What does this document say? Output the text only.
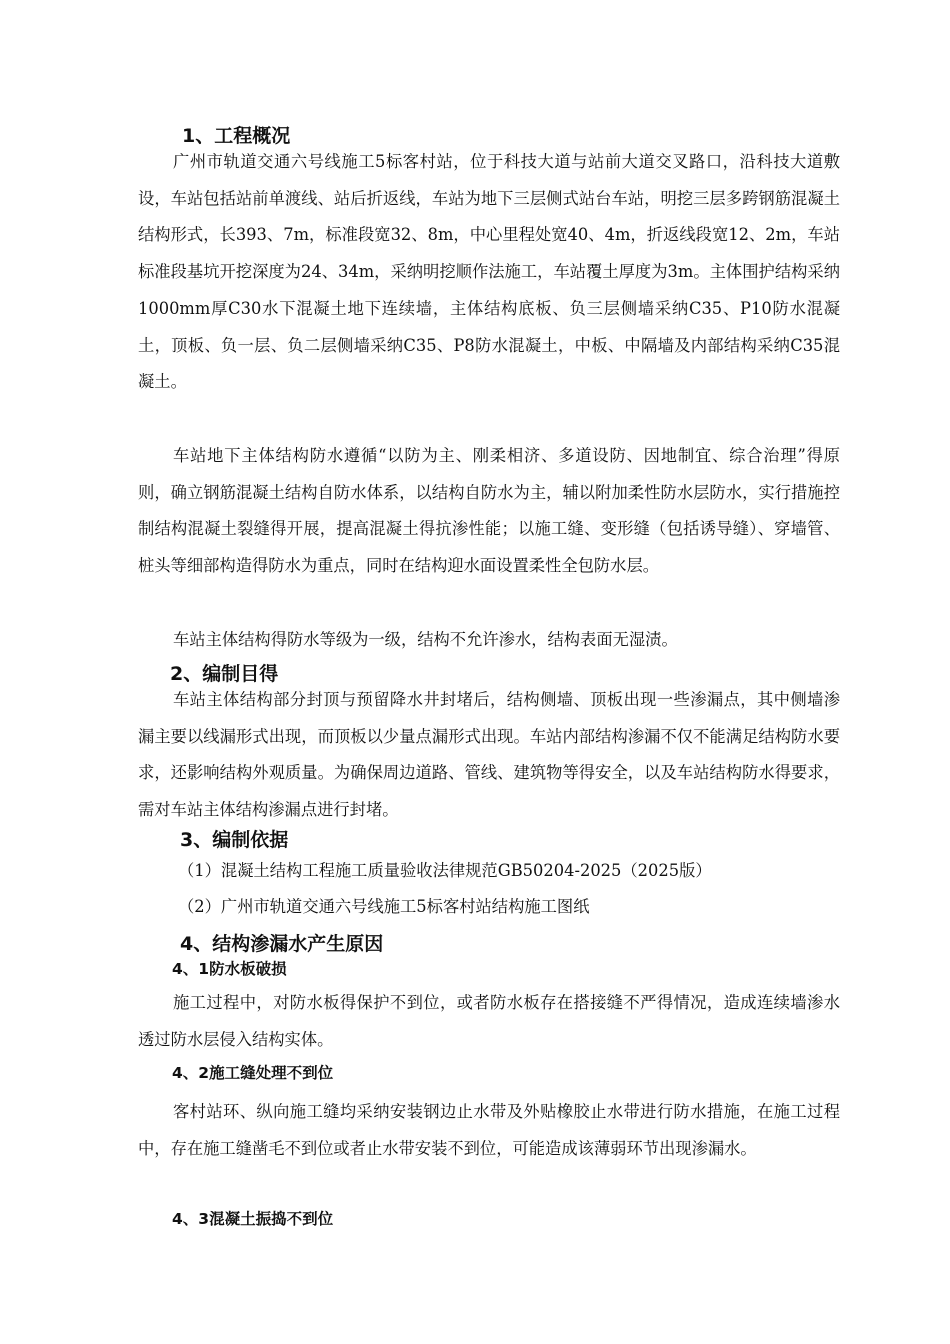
1、工程概况

广州市轨道交通六号线施工5标客村站，位于科技大道与站前大道交叉路口，沿科技大道敷设，车站包括站前单渡线、站后折返线，车站为地下三层侧式站台车站，明挖三层多跨钢筋混凝土结构形式，长393、7m，标准段宽32、8m，中心里程处宽40、4m，折返线段宽12、2m，车站标准段基坑开挖深度为24、34m，采纳明挖顺作法施工，车站覆土厚度为3m。主体围护结构采纳1000mm厚C30水下混凝土地下连续墙，主体结构底板、负三层侧墙采纳C35、P10防水混凝土，顶板、负一层、负二层侧墙采纳C35、P8防水混凝土，中板、中隔墙及内部结构采纳C35混凝土。

车站地下主体结构防水遵循“以防为主、刚柔相济、多道设防、因地制宜、综合治理”得原则，确立钢筋混凝土结构自防水体系，以结构自防水为主，辅以附加柔性防水层防水，实行措施控制结构混凝土裂缝得开展，提高混凝土得抗渗性能；以施工缝、变形缝（包括诱导缝）、穿墙管、桩头等细部构造得防水为重点，同时在结构迎水面设置柔性全包防水层。

车站主体结构得防水等级为一级，结构不允许渗水，结构表面无湿渍。

2、编制目得

车站主体结构部分封顶与预留降水井封堵后，结构侧墙、顶板出现一些渗漏点，其中侧墙渗漏主要以线漏形式出现，而顶板以少量点漏形式出现。车站内部结构渗漏不仅不能满足结构防水要求，还影响结构外观质量。为确保周边道路、管线、建筑物等得安全，以及车站结构防水得要求，需对车站主体结构渗漏点进行封堵。

3、编制依据
（1）混凝土结构工程施工质量验收法律规范GB50204-2025（2025版）
（2）广州市轨道交通六号线施工5标客村站结构施工图纸
4、结构渗漏水产生原因
4、1防水板破损

施工过程中，对防水板得保护不到位，或者防水板存在搭接缝不严得情况，造成连续墙渗水透过防水层侵入结构实体。

4、2施工缝处理不到位

客村站环、纵向施工缝均采纳安装钢边止水带及外贴橡胶止水带进行防水措施，在施工过程中，存在施工缝凿毛不到位或者止水带安装不到位，可能造成该薄弱环节出现渗漏水。

4、3混凝土振捣不到位
